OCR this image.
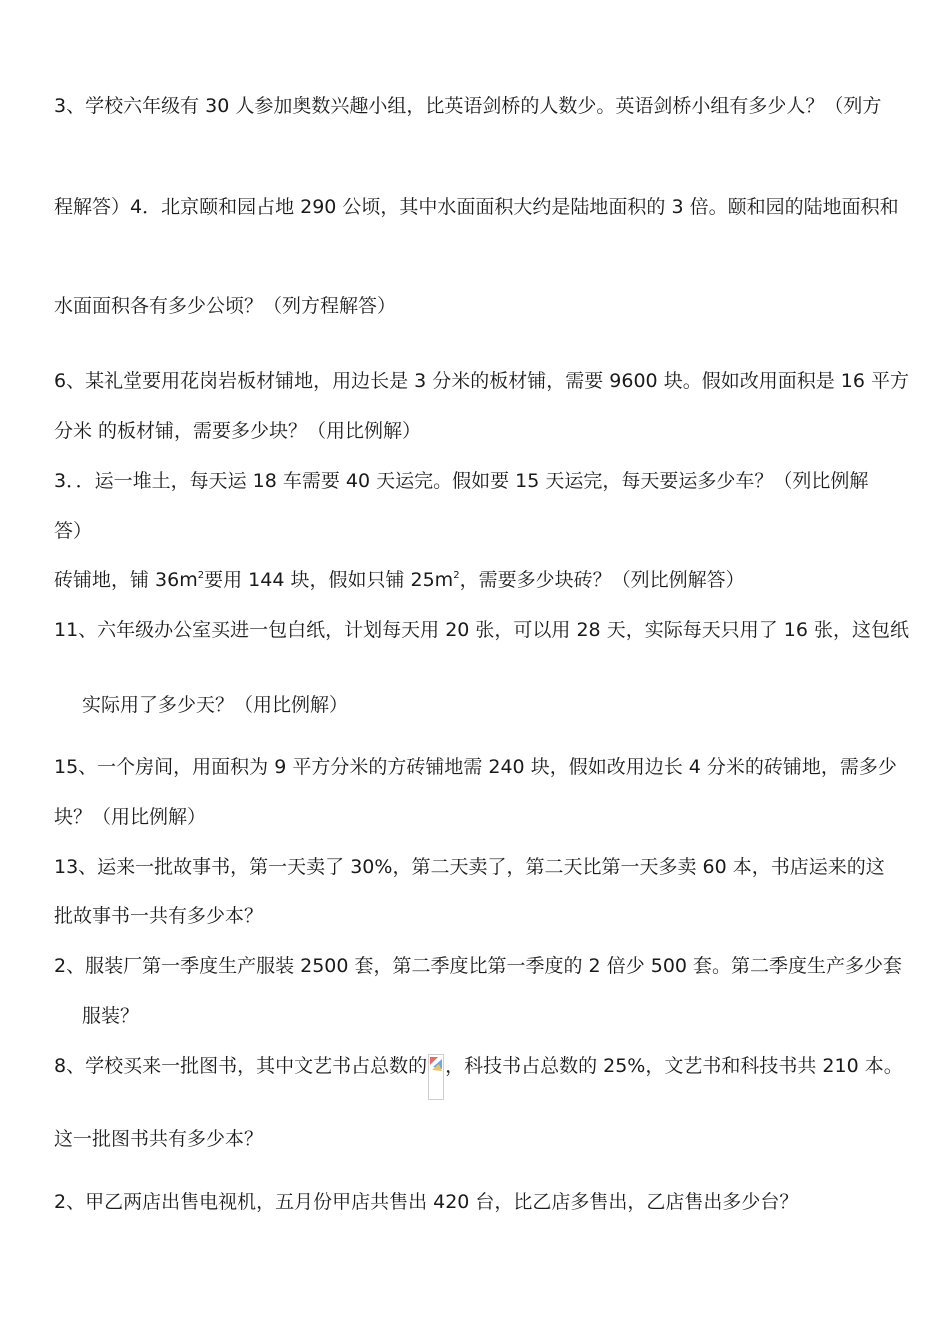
3、学校六年级有 30 人参加奥数兴趣小组，比英语剑桥的人数少。英语剑桥小组有多少人？（列方
程解答）4．北京颐和园占地 290 公顷，其中水面面积大约是陆地面积的 3 倍。颐和园的陆地面积和
水面面积各有多少公顷？（列方程解答）
6、某礼堂要用花岗岩板材铺地，用边长是 3 分米的板材铺，需要 9600 块。假如改用面积是 16 平方
分米 的板材铺，需要多少块？（用比例解）
3．．运一堆土，每天运 18 车需要 40 天运完。假如要 15 天运完，每天要运多少车？（列比例解
答）
砖铺地，铺 $36m^2$要用 144 块，假如只铺 $25m^2$，需要多少块砖？（列比例解答）
11、六年级办公室买进一包白纸，计划每天用 20 张，可以用 28 天，实际每天只用了 16 张，这包纸
实际用了多少天？（用比例解）
15、一个房间，用面积为 9 平方分米的方砖铺地需 240 块，假如改用边长 4 分米的砖铺地，需多少
块？（用比例解）
13、运来一批故事书，第一天卖了 30%，第二天卖了，第二天比第一天多卖 60 本，书店运来的这
批故事书一共有多少本？
2、服装厂第一季度生产服装 2500 套，第二季度比第一季度的 2 倍少 500 套。第二季度生产多少套
服装？
8、学校买来一批图书，其中文艺书占总数的 ，科技书占总数的 25%，文艺书和科技书共 210 本。
这一批图书共有多少本？
2、甲乙两店出售电视机，五月份甲店共售出 420 台，比乙店多售出，乙店售出多少台？
